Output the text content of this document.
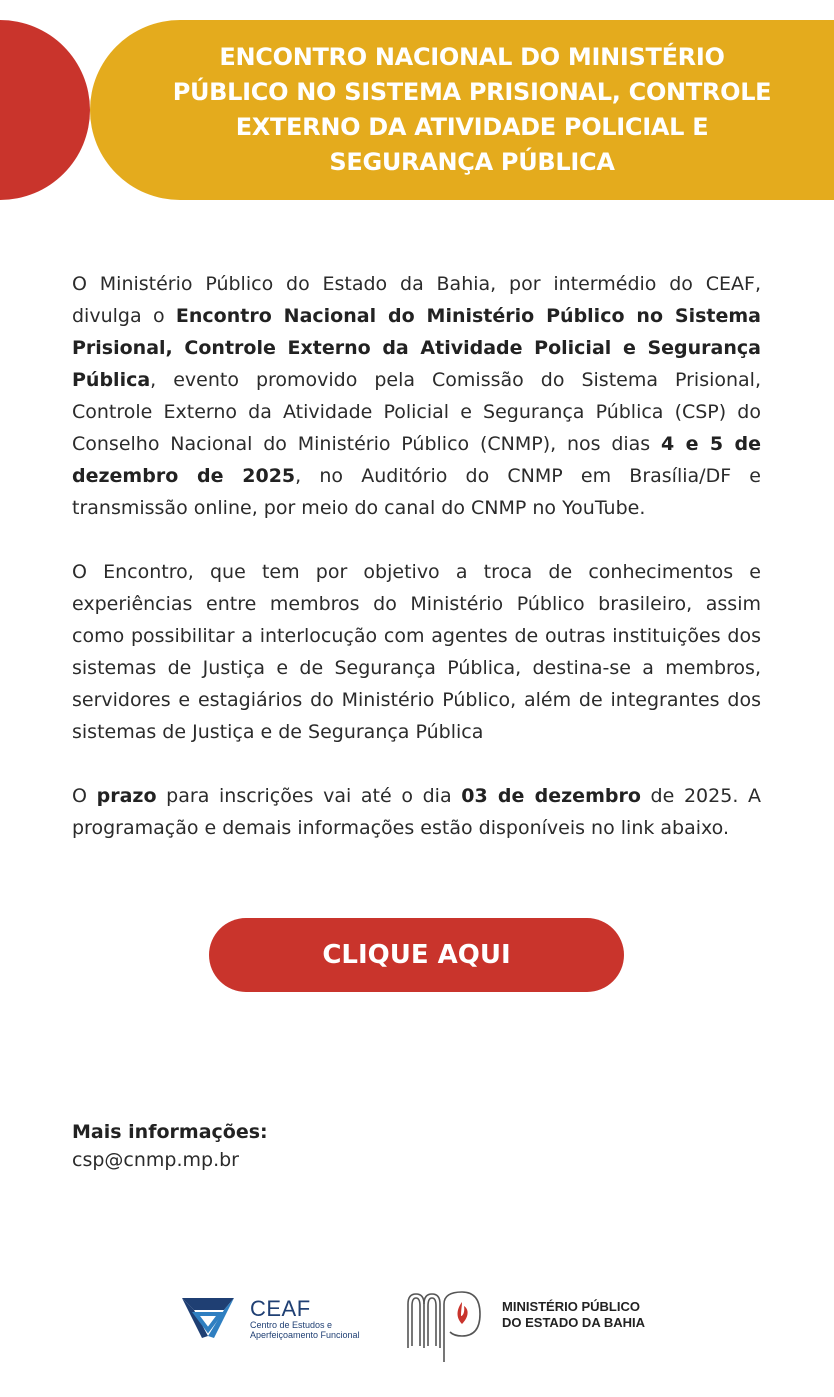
ENCONTRO NACIONAL DO MINISTÉRIO PÚBLICO NO SISTEMA PRISIONAL, CONTROLE EXTERNO DA ATIVIDADE POLICIAL E SEGURANÇA PÚBLICA

O Ministério Público do Estado da Bahia, por intermédio do CEAF, divulga o Encontro Nacional do Ministério Público no Sistema Prisional, Controle Externo da Atividade Policial e Segurança Pública, evento promovido pela Comissão do Sistema Prisional, Controle Externo da Atividade Policial e Segurança Pública (CSP) do Conselho Nacional do Ministério Público (CNMP), nos dias 4 e 5 de dezembro de 2025, no Auditório do CNMP em Brasília/DF e transmissão online, por meio do canal do CNMP no YouTube.

O Encontro, que tem por objetivo a troca de conhecimentos e experiências entre membros do Ministério Público brasileiro, assim como possibilitar a interlocução com agentes de outras instituições dos sistemas de Justiça e de Segurança Pública, destina-se a membros, servidores e estagiários do Ministério Público, além de integrantes dos sistemas de Justiça e de Segurança Pública

O prazo para inscrições vai até o dia 03 de dezembro de 2025. A programação e demais informações estão disponíveis no link abaixo.

CLIQUE AQUI
Mais informações:
csp@cnmp.mp.br
CEAF
Centro de Estudos e
Aperfeiçoamento Funcional
MINISTÉRIO PÚBLICO
DO ESTADO DA BAHIA
